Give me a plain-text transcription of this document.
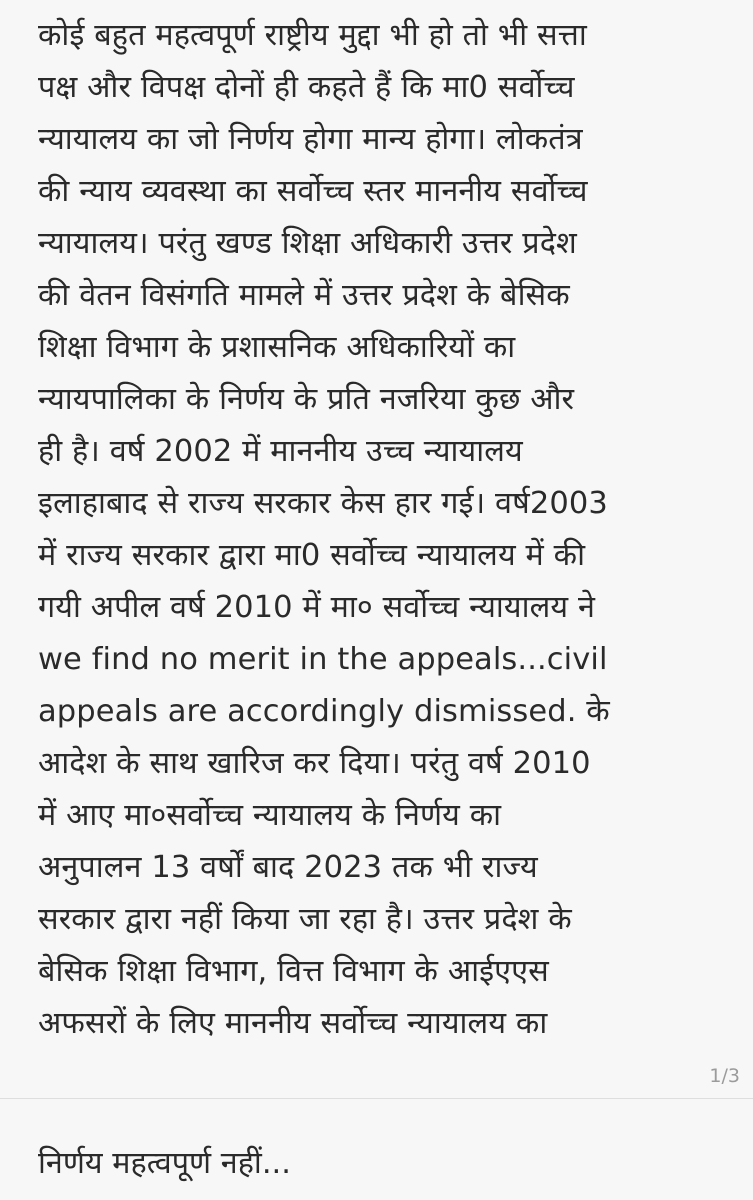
कोई बहुत महत्वपूर्ण राष्ट्रीय मुद्दा भी हो तो भी सत्ता
पक्ष और विपक्ष दोनों ही कहते हैं कि मा0 सर्वोच्च
न्यायालय का जो निर्णय होगा मान्य होगा। लोकतंत्र
की न्याय व्यवस्था का सर्वोच्च स्तर माननीय सर्वोच्च
न्यायालय। परंतु खण्ड शिक्षा अधिकारी उत्तर प्रदेश
की वेतन विसंगति मामले में उत्तर प्रदेश के बेसिक
शिक्षा विभाग के प्रशासनिक अधिकारियों का
न्यायपालिका के निर्णय के प्रति नजरिया कुछ और
ही है। वर्ष 2002 में माननीय उच्च न्यायालय
इलाहाबाद से राज्य सरकार केस हार गई। वर्ष2003
में राज्य सरकार द्वारा मा0 सर्वोच्च न्यायालय में की
गयी अपील वर्ष 2010 में मा० सर्वोच्च न्यायालय ने
we find no merit in the appeals...civil
appeals are accordingly dismissed. के
आदेश के साथ खारिज कर दिया। परंतु वर्ष 2010
में आए मा०सर्वोच्च न्यायालय के निर्णय का
अनुपालन 13 वर्षों बाद 2023 तक भी राज्य
सरकार द्वारा नहीं किया जा रहा है। उत्तर प्रदेश के
बेसिक शिक्षा विभाग, वित्त विभाग के आईएएस
अफसरों के लिए माननीय सर्वोच्च न्यायालय का
1/3
निर्णय महत्वपूर्ण नहीं...
